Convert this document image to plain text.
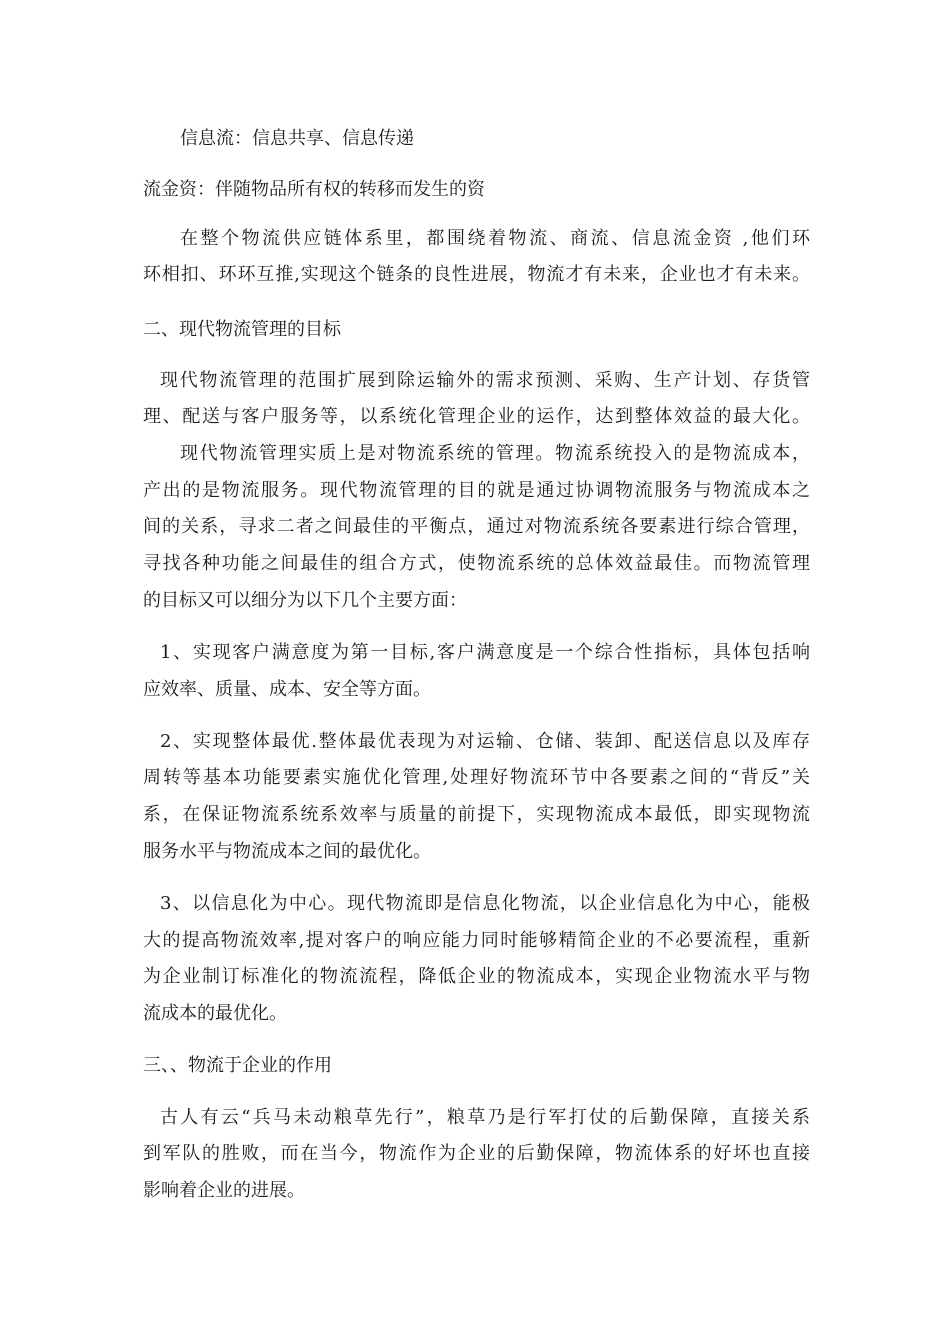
信息流：信息共享、信息传递
流金资：伴随物品所有权的转移而发生的资
在整个物流供应链体系里，都围绕着物流、商流、信息流金资 ,他们环
环相扣、环环互推,实现这个链条的良性进展，物流才有未来，企业也才有未来。
二、现代物流管理的目标
现代物流管理的范围扩展到除运输外的需求预测、采购、生产计划、存货管
理、配送与客户服务等，以系统化管理企业的运作，达到整体效益的最大化。
现代物流管理实质上是对物流系统的管理。物流系统投入的是物流成本，
产出的是物流服务。现代物流管理的目的就是通过协调物流服务与物流成本之
间的关系，寻求二者之间最佳的平衡点，通过对物流系统各要素进行综合管理，
寻找各种功能之间最佳的组合方式，使物流系统的总体效益最佳。而物流管理
的目标又可以细分为以下几个主要方面：
1、实现客户满意度为第一目标,客户满意度是一个综合性指标，具体包括响
应效率、质量、成本、安全等方面。
2、实现整体最优.整体最优表现为对运输、仓储、装卸、配送信息以及库存
周转等基本功能要素实施优化管理,处理好物流环节中各要素之间的“背反”关
系，在保证物流系统系效率与质量的前提下，实现物流成本最低，即实现物流
服务水平与物流成本之间的最优化。
3、以信息化为中心。现代物流即是信息化物流，以企业信息化为中心，能极
大的提高物流效率,提对客户的响应能力同时能够精简企业的不必要流程，重新
为企业制订标准化的物流流程，降低企业的物流成本，实现企业物流水平与物
流成本的最优化。
三、、物流于企业的作用
古人有云“兵马未动粮草先行”，粮草乃是行军打仗的后勤保障，直接关系
到军队的胜败，而在当今，物流作为企业的后勤保障，物流体系的好坏也直接
影响着企业的进展。
